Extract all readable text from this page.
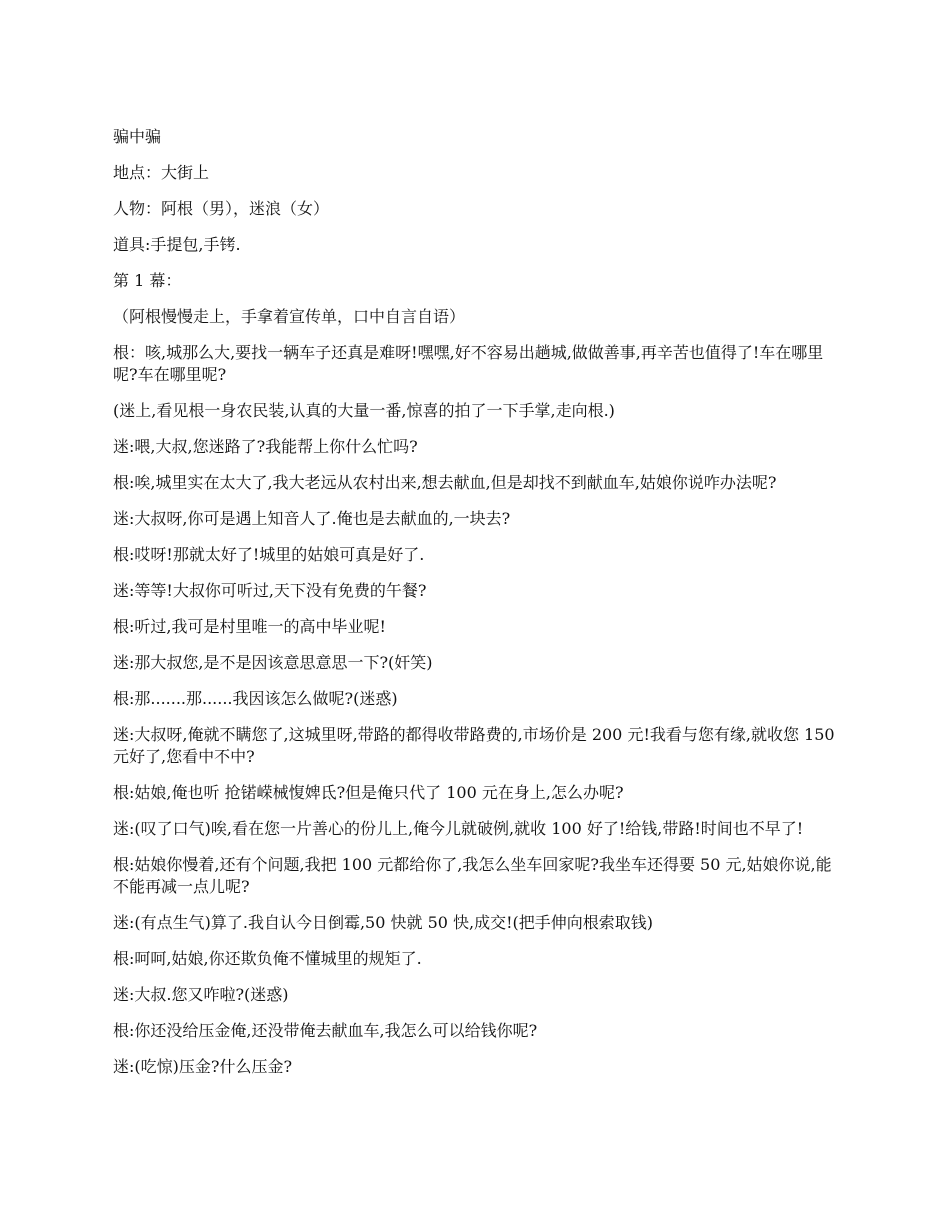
骗中骗

地点：大街上

人物：阿根（男），迷浪（女）

道具:手提包,手铐.

第 1 幕：

（阿根慢慢走上，手拿着宣传单，口中自言自语）

根：咳,城那么大,要找一辆车子还真是难呀!嘿嘿,好不容易出趟城,做做善事,再辛苦也值得了!车在哪里呢?车在哪里呢?

(迷上,看见根一身农民装,认真的大量一番,惊喜的拍了一下手掌,走向根.)

迷:喂,大叔,您迷路了?我能帮上你什么忙吗?

根:唉,城里实在太大了,我大老远从农村出来,想去献血,但是却找不到献血车,姑娘你说咋办法呢?

迷:大叔呀,你可是遇上知音人了.俺也是去献血的,一块去?

根:哎呀!那就太好了!城里的姑娘可真是好了.

迷:等等!大叔你可听过,天下没有免费的午餐?

根:听过,我可是村里唯一的高中毕业呢!

迷:那大叔您,是不是因该意思意思一下?(奸笑)

根:那.......那......我因该怎么做呢?(迷惑)

迷:大叔呀,俺就不瞒您了,这城里呀,带路的都得收带路费的,市场价是 200 元!我看与您有缘,就收您 150 元好了,您看中不中?

根:姑娘,俺也听 抢锘嵘械愎婢氐?但是俺只代了 100 元在身上,怎么办呢?

迷:(叹了口气)唉,看在您一片善心的份儿上,俺今儿就破例,就收 100 好了!给钱,带路!时间也不早了!

根:姑娘你慢着,还有个问题,我把 100 元都给你了,我怎么坐车回家呢?我坐车还得要 50 元,姑娘你说,能不能再减一点儿呢?

迷:(有点生气)算了.我自认今日倒霉,50 快就 50 快,成交!(把手伸向根索取钱)

根:呵呵,姑娘,你还欺负俺不懂城里的规矩了.

迷:大叔.您又咋啦?(迷惑)

根:你还没给压金俺,还没带俺去献血车,我怎么可以给钱你呢?

迷:(吃惊)压金?什么压金?
